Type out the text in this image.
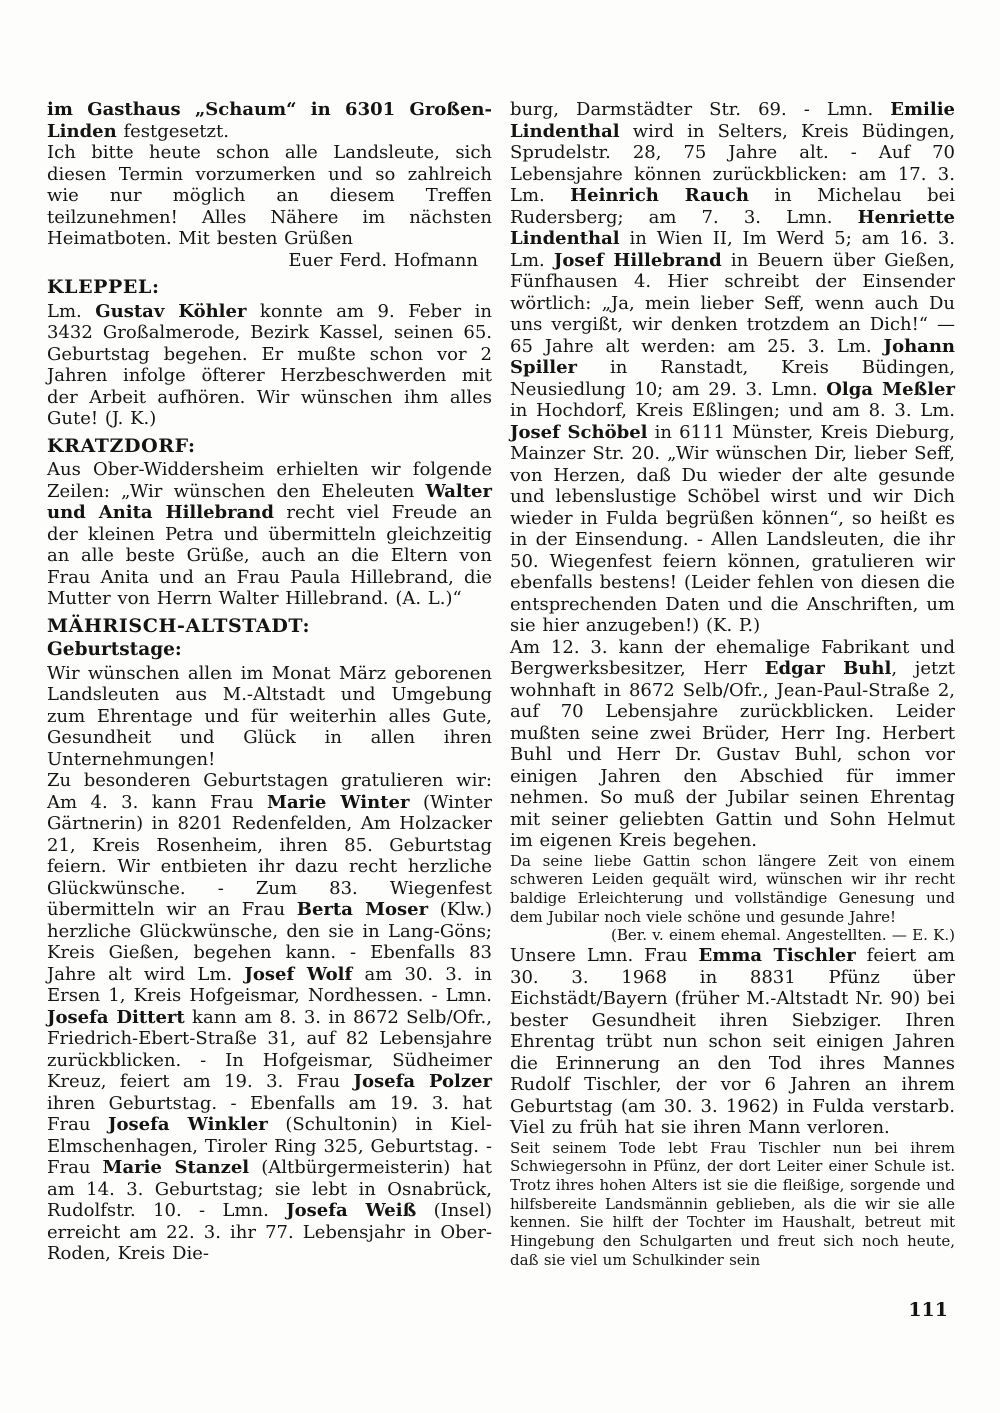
im Gasthaus „Schaum“ in 6301 Großen-Linden festgesetzt.

Ich bitte heute schon alle Landsleute, sich diesen Termin vorzumerken und so zahlreich wie nur möglich an diesem Treffen teilzunehmen! Alles Nähere im nächsten Heimatboten. Mit besten Grüßen

Euer Ferd. Hofmann

KLEPPEL:

Lm. Gustav Köhler konnte am 9. Feber in 3432 Großalmerode, Bezirk Kassel, seinen 65. Geburtstag begehen. Er mußte schon vor 2 Jahren infolge öfterer Herzbeschwerden mit der Arbeit aufhören. Wir wünschen ihm alles Gute! (J. K.)

KRATZDORF:

Aus Ober-Widdersheim erhielten wir folgende Zeilen: „Wir wünschen den Eheleuten Walter und Anita Hillebrand recht viel Freude an der kleinen Petra und übermitteln gleichzeitig an alle beste Grüße, auch an die Eltern von Frau Anita und an Frau Paula Hillebrand, die Mutter von Herrn Walter Hillebrand. (A. L.)“

MÄHRISCH-ALTSTADT:
Geburtstage:

Wir wünschen allen im Monat März geborenen Landsleuten aus M.-Altstadt und Umgebung zum Ehrentage und für weiterhin alles Gute, Gesundheit und Glück in allen ihren Unternehmungen!

Zu besonderen Geburtstagen gratulieren wir: Am 4. 3. kann Frau Marie Winter (Winter Gärtnerin) in 8201 Redenfelden, Am Holzacker 21, Kreis Rosenheim, ihren 85. Geburtstag feiern. Wir entbieten ihr dazu recht herzliche Glückwünsche. - Zum 83. Wiegenfest übermitteln wir an Frau Berta Moser (Klw.) herzliche Glückwünsche, den sie in Lang-Göns; Kreis Gießen, begehen kann. - Ebenfalls 83 Jahre alt wird Lm. Josef Wolf am 30. 3. in Ersen 1, Kreis Hofgeismar, Nordhessen. - Lmn. Josefa Dittert kann am 8. 3. in 8672 Selb/Ofr., Friedrich-Ebert-Straße 31, auf 82 Lebensjahre zurückblicken. - In Hofgeismar, Südheimer Kreuz, feiert am 19. 3. Frau Josefa Polzer ihren Geburtstag. - Ebenfalls am 19. 3. hat Frau Josefa Winkler (Schultonin) in Kiel-Elmschenhagen, Tiroler Ring 325, Geburtstag. - Frau Marie Stanzel (Altbürgermeisterin) hat am 14. 3. Geburtstag; sie lebt in Osnabrück, Rudolfstr. 10. - Lmn. Josefa Weiß (Insel) erreicht am 22. 3. ihr 77. Lebensjahr in Ober-Roden, Kreis Die-

burg, Darmstädter Str. 69. - Lmn. Emilie Lindenthal wird in Selters, Kreis Büdingen, Sprudelstr. 28, 75 Jahre alt. - Auf 70 Lebensjahre können zurückblicken: am 17. 3. Lm. Heinrich Rauch in Michelau bei Rudersberg; am 7. 3. Lmn. Henriette Lindenthal in Wien II, Im Werd 5; am 16. 3. Lm. Josef Hillebrand in Beuern über Gießen, Fünfhausen 4. Hier schreibt der Einsender wörtlich: „Ja, mein lieber Seff, wenn auch Du uns vergißt, wir denken trotzdem an Dich!“ — 65 Jahre alt werden: am 25. 3. Lm. Johann Spiller in Ranstadt, Kreis Büdingen, Neusiedlung 10; am 29. 3. Lmn. Olga Meßler in Hochdorf, Kreis Eßlingen; und am 8. 3. Lm. Josef Schöbel in 6111 Münster, Kreis Dieburg, Mainzer Str. 20. „Wir wünschen Dir, lieber Seff, von Herzen, daß Du wieder der alte gesunde und lebenslustige Schöbel wirst und wir Dich wieder in Fulda begrüßen können“, so heißt es in der Einsendung. - Allen Landsleuten, die ihr 50. Wiegenfest feiern können, gratulieren wir ebenfalls bestens! (Leider fehlen von diesen die entsprechenden Daten und die Anschriften, um sie hier anzugeben!) (K. P.)

Am 12. 3. kann der ehemalige Fabrikant und Bergwerksbesitzer, Herr Edgar Buhl, jetzt wohnhaft in 8672 Selb/Ofr., Jean-Paul-Straße 2, auf 70 Lebensjahre zurückblicken. Leider mußten seine zwei Brüder, Herr Ing. Herbert Buhl und Herr Dr. Gustav Buhl, schon vor einigen Jahren den Abschied für immer nehmen. So muß der Jubilar seinen Ehrentag mit seiner geliebten Gattin und Sohn Helmut im eigenen Kreis begehen.

Da seine liebe Gattin schon längere Zeit von einem schweren Leiden gequält wird, wünschen wir ihr recht baldige Erleichterung und vollständige Genesung und dem Jubilar noch viele schöne und gesunde Jahre!

(Ber. v. einem ehemal. Angestellten. — E. K.)

Unsere Lmn. Frau Emma Tischler feiert am 30. 3. 1968 in 8831 Pfünz über Eichstädt/Bayern (früher M.-Altstadt Nr. 90) bei bester Gesundheit ihren Siebziger. Ihren Ehrentag trübt nun schon seit einigen Jahren die Erinnerung an den Tod ihres Mannes Rudolf Tischler, der vor 6 Jahren an ihrem Geburtstag (am 30. 3. 1962) in Fulda verstarb. Viel zu früh hat sie ihren Mann verloren.

Seit seinem Tode lebt Frau Tischler nun bei ihrem Schwiegersohn in Pfünz, der dort Leiter einer Schule ist. Trotz ihres hohen Alters ist sie die fleißige, sorgende und hilfsbereite Landsmännin geblieben, als die wir sie alle kennen. Sie hilft der Tochter im Haushalt, betreut mit Hingebung den Schulgarten und freut sich noch heute, daß sie viel um Schulkinder sein

111
